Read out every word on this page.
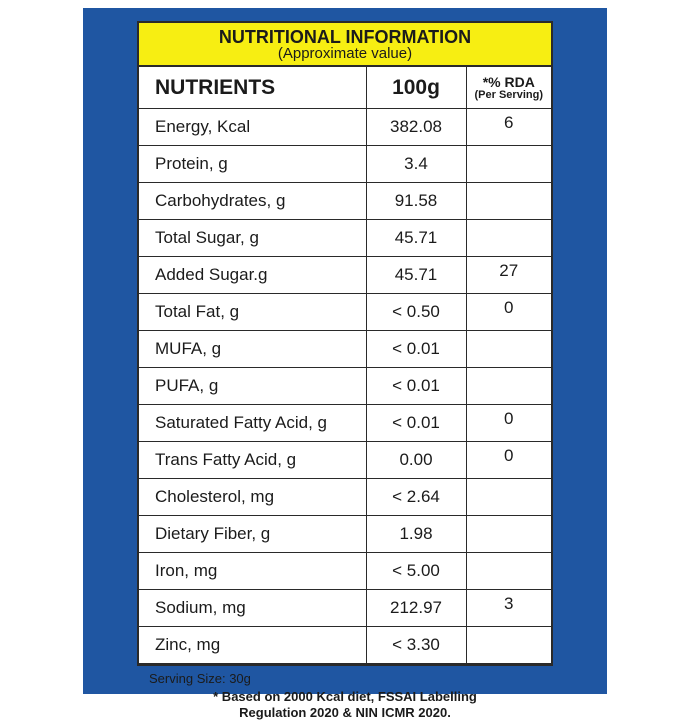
NUTRITIONAL INFORMATION
(Approximate value)
NUTRIENTS	100g	*% RDA
(Per Serving)

Energy, Kcal	382.08	6
Protein, g	3.4	
Carbohydrates, g	91.58	
Total Sugar, g	45.71	
Added Sugar.g	45.71	27
Total Fat, g	< 0.50	0
MUFA, g	< 0.01	
PUFA, g	< 0.01	
Saturated Fatty Acid, g	< 0.01	0
Trans Fatty Acid, g	0.00	0
Cholesterol, mg	< 2.64	
Dietary Fiber, g	1.98	
Iron, mg	< 5.00	
Sodium, mg	212.97	3
Zinc, mg	< 3.30	
Serving Size: 30g
* Based on 2000 Kcal diet, FSSAI Labelling
Regulation 2020 & NIN ICMR 2020.
